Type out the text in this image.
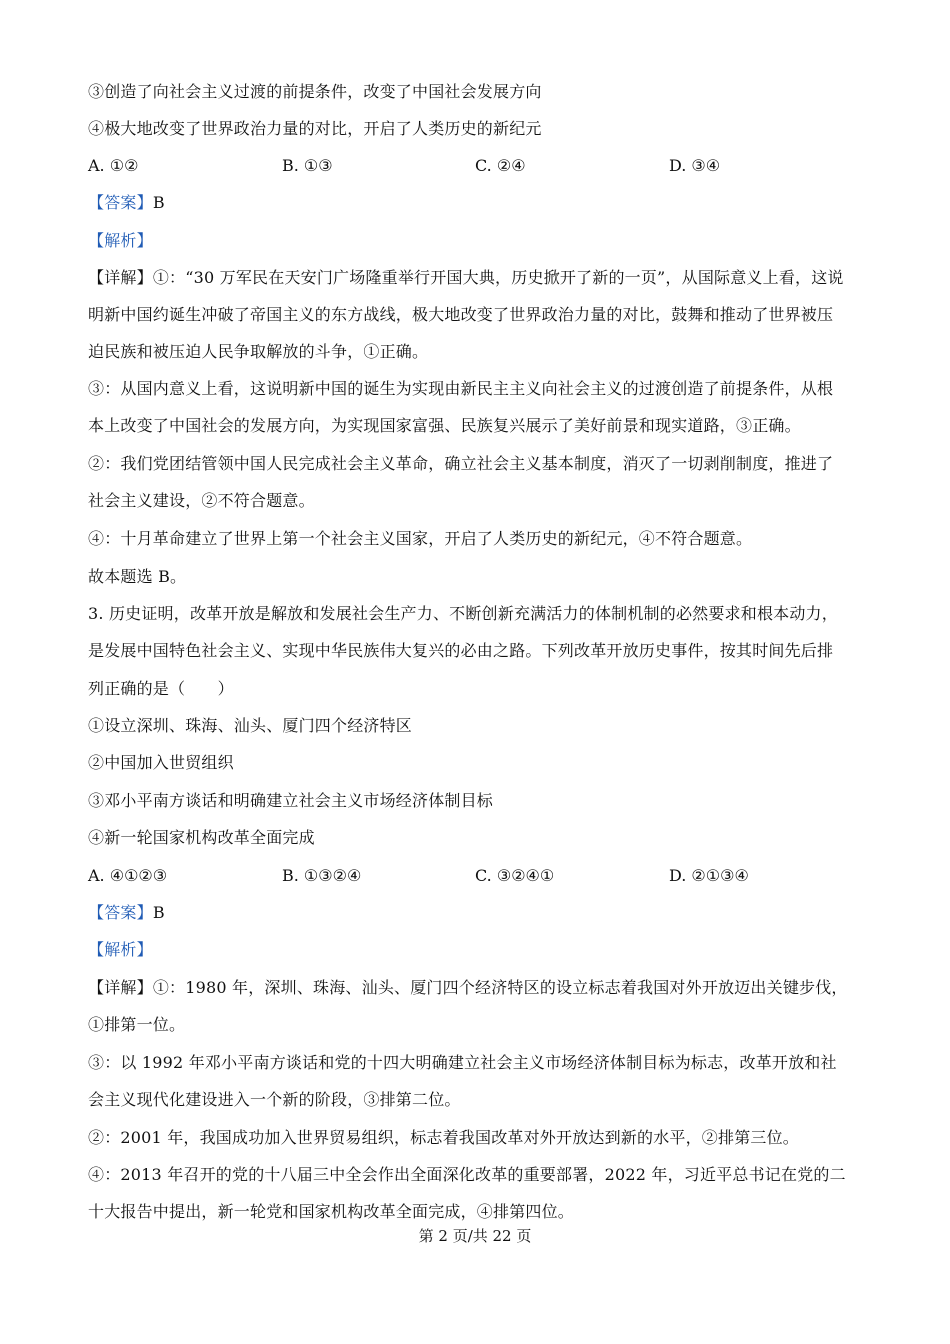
③创造了向社会主义过渡的前提条件，改变了中国社会发展方向
④极大地改变了世界政治力量的对比，开启了人类历史的新纪元
A. ①②	B. ①③	C. ②④	D. ③④
【答案】B
【解析】
【详解】①：“30 万军民在天安门广场隆重举行开国大典，历史掀开了新的一页”，从国际意义上看，这说
明新中国约诞生冲破了帝国主义的东方战线，极大地改变了世界政治力量的对比，鼓舞和推动了世界被压
迫民族和被压迫人民争取解放的斗争，①正确。
③：从国内意义上看，这说明新中国的诞生为实现由新民主主义向社会主义的过渡创造了前提条件，从根
本上改变了中国社会的发展方向，为实现国家富强、民族复兴展示了美好前景和现实道路，③正确。
②：我们党团结管领中国人民完成社会主义革命，确立社会主义基本制度，消灭了一切剥削制度，推进了
社会主义建设，②不符合题意。
④：十月革命建立了世界上第一个社会主义国家，开启了人类历史的新纪元，④不符合题意。
故本题选 B。
3. 历史证明，改革开放是解放和发展社会生产力、不断创新充满活力的体制机制的必然要求和根本动力，
是发展中国特色社会主义、实现中华民族伟大复兴的必由之路。下列改革开放历史事件，按其时间先后排
列正确的是（　　）
①设立深圳、珠海、汕头、厦门四个经济特区
②中国加入世贸组织
③邓小平南方谈话和明确建立社会主义市场经济体制目标
④新一轮国家机构改革全面完成
A. ④①②③	B. ①③②④	C. ③②④①	D. ②①③④
【答案】B
【解析】
【详解】①：1980 年，深圳、珠海、汕头、厦门四个经济特区的设立标志着我国对外开放迈出关键步伐，
①排第一位。
③：以 1992 年邓小平南方谈话和党的十四大明确建立社会主义市场经济体制目标为标志，改革开放和社
会主义现代化建设进入一个新的阶段，③排第二位。
②：2001 年，我国成功加入世界贸易组织，标志着我国改革对外开放达到新的水平，②排第三位。
④：2013 年召开的党的十八届三中全会作出全面深化改革的重要部署，2022 年，习近平总书记在党的二
十大报告中提出，新一轮党和国家机构改革全面完成，④排第四位。
第 2 页/共 22 页
